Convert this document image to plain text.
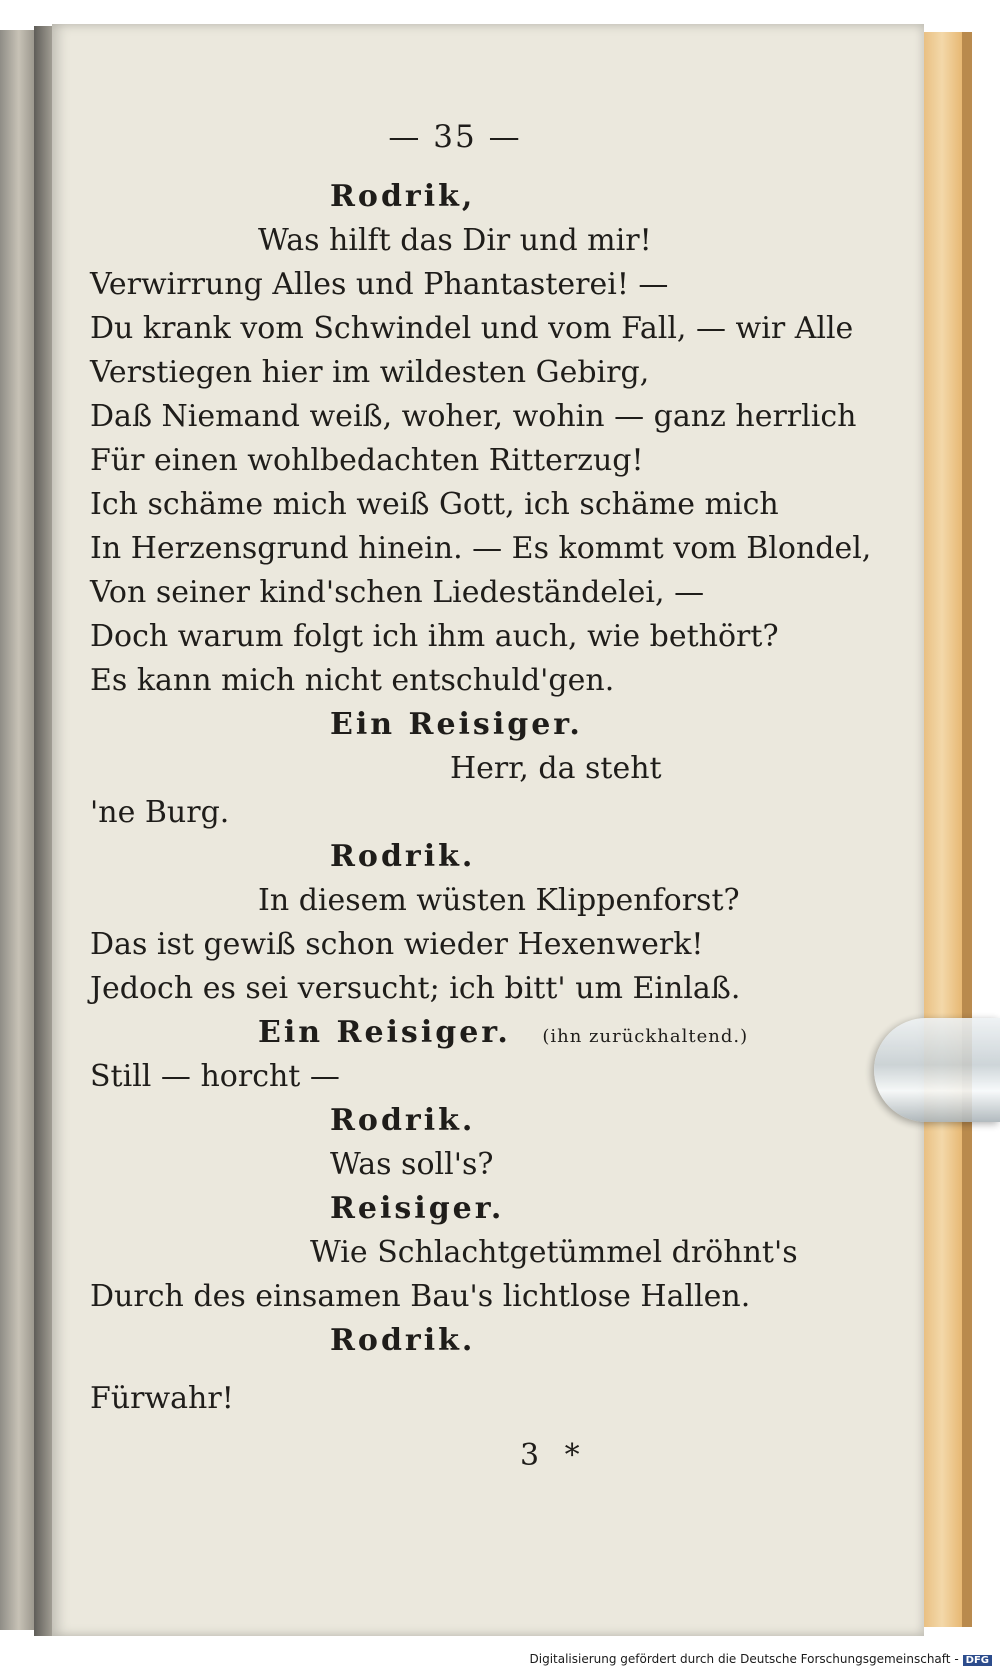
— 35 —
Rodrik,
Was hilft das Dir und mir!
Verwirrung Alles und Phantasterei! —
Du krank vom Schwindel und vom Fall, — wir Alle
Verstiegen hier im wildesten Gebirg,
Daß Niemand weiß, woher, wohin — ganz herrlich
Für einen wohlbedachten Ritterzug!
Ich schäme mich weiß Gott, ich schäme mich
In Herzensgrund hinein. — Es kommt vom Blondel,
Von seiner kind'schen Liedeständelei, —
Doch warum folgt ich ihm auch, wie bethört?
Es kann mich nicht entschuld'gen.
Ein Reisiger.
Herr, da steht
'ne Burg.
Rodrik.
In diesem wüsten Klippenforst?
Das ist gewiß schon wieder Hexenwerk!
Jedoch es sei versucht; ich bitt' um Einlaß.
Ein Reisiger. (ihn zurückhaltend.)
Still — horcht —
Rodrik.
Was soll's?
Reisiger.
Wie Schlachtgetümmel dröhnt's
Durch des einsamen Bau's lichtlose Hallen.
Rodrik.
Fürwahr!
3 *
Digitalisierung gefördert durch die Deutsche Forschungsgemeinschaft - DFG
